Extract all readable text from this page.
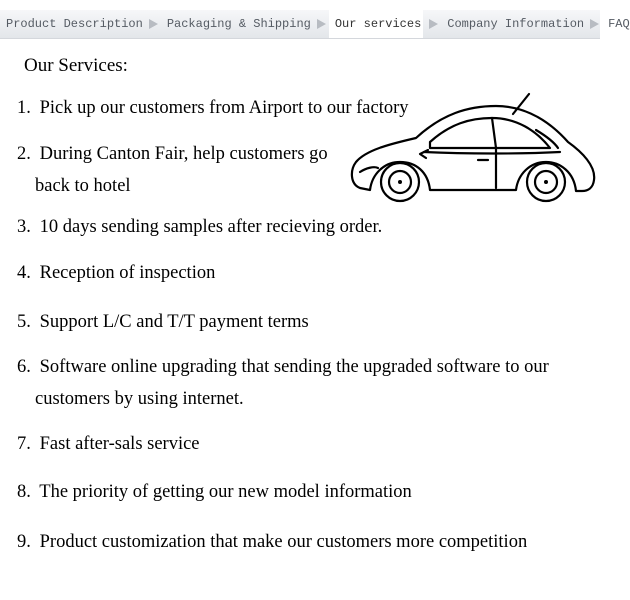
Product Description	Packaging & Shipping	Our services	Company Information	FAQ
Our Services:
1. Pick up our customers from Airport to our factory
2. During Canton Fair, help customers go
back to hotel
3. 10 days sending samples after recieving order.
4. Reception of inspection
5. Support L/C and T/T payment terms
6. Software online upgrading that sending the upgraded software to our
customers by using internet.
7. Fast after-sals service
8. The priority of getting our new model information
9. Product customization that make our customers more competition
